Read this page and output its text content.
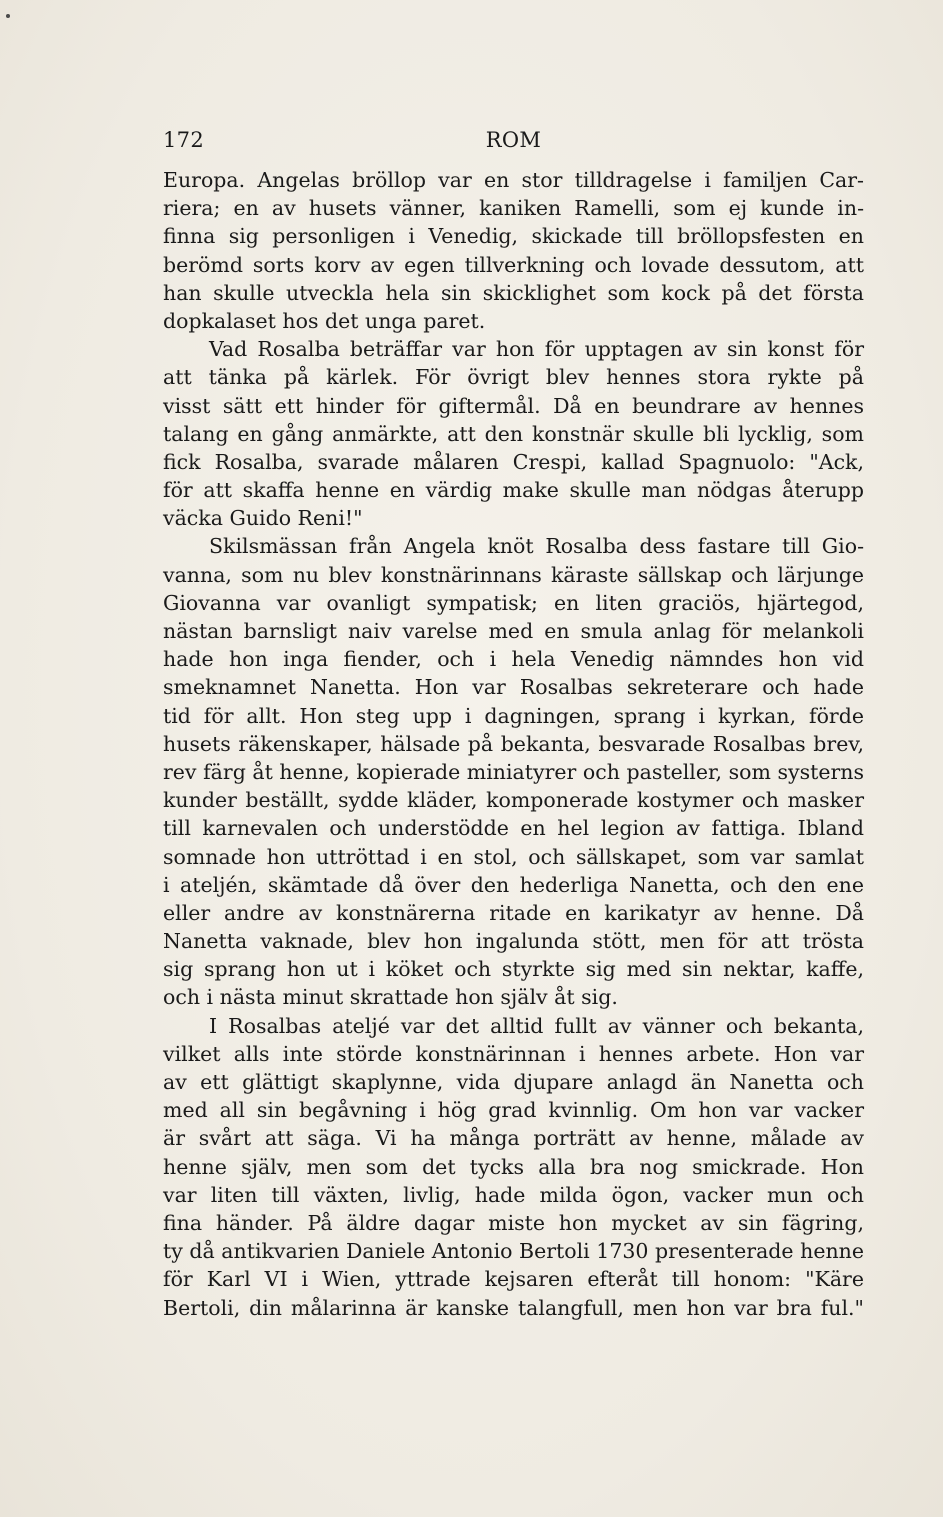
172	ROM
Europa. Angelas bröllop var en stor tilldragelse i familjen Car-
riera; en av husets vänner, kaniken Ramelli, som ej kunde in-
finna sig personligen i Venedig, skickade till bröllopsfesten en
berömd sorts korv av egen tillverkning och lovade dessutom, att
han skulle utveckla hela sin skicklighet som kock på det första
dopkalaset hos det unga paret.
Vad Rosalba beträffar var hon för upptagen av sin konst för
att tänka på kärlek. För övrigt blev hennes stora rykte på
visst sätt ett hinder för giftermål. Då en beundrare av hennes
talang en gång anmärkte, att den konstnär skulle bli lycklig, som
fick Rosalba, svarade målaren Crespi, kallad Spagnuolo: "Ack,
för att skaffa henne en värdig make skulle man nödgas återupp
väcka Guido Reni!"
Skilsmässan från Angela knöt Rosalba dess fastare till Gio-
vanna, som nu blev konstnärinnans käraste sällskap och lärjunge
Giovanna var ovanligt sympatisk; en liten graciös, hjärtegod,
nästan barnsligt naiv varelse med en smula anlag för melankoli
hade hon inga fiender, och i hela Venedig nämndes hon vid
smeknamnet Nanetta. Hon var Rosalbas sekreterare och hade
tid för allt. Hon steg upp i dagningen, sprang i kyrkan, förde
husets räkenskaper, hälsade på bekanta, besvarade Rosalbas brev,
rev färg åt henne, kopierade miniatyrer och pasteller, som systerns
kunder beställt, sydde kläder, komponerade kostymer och masker
till karnevalen och understödde en hel legion av fattiga. Ibland
somnade hon uttröttad i en stol, och sällskapet, som var samlat
i ateljén, skämtade då över den hederliga Nanetta, och den ene
eller andre av konstnärerna ritade en karikatyr av henne. Då
Nanetta vaknade, blev hon ingalunda stött, men för att trösta
sig sprang hon ut i köket och styrkte sig med sin nektar, kaffe,
och i nästa minut skrattade hon själv åt sig.
I Rosalbas ateljé var det alltid fullt av vänner och bekanta,
vilket alls inte störde konstnärinnan i hennes arbete. Hon var
av ett glättigt skaplynne, vida djupare anlagd än Nanetta och
med all sin begåvning i hög grad kvinnlig. Om hon var vacker
är svårt att säga. Vi ha många porträtt av henne, målade av
henne själv, men som det tycks alla bra nog smickrade. Hon
var liten till växten, livlig, hade milda ögon, vacker mun och
fina händer. På äldre dagar miste hon mycket av sin fägring,
ty då antikvarien Daniele Antonio Bertoli 1730 presenterade henne
för Karl VI i Wien, yttrade kejsaren efteråt till honom: "Käre
Bertoli, din målarinna är kanske talangfull, men hon var bra ful."
